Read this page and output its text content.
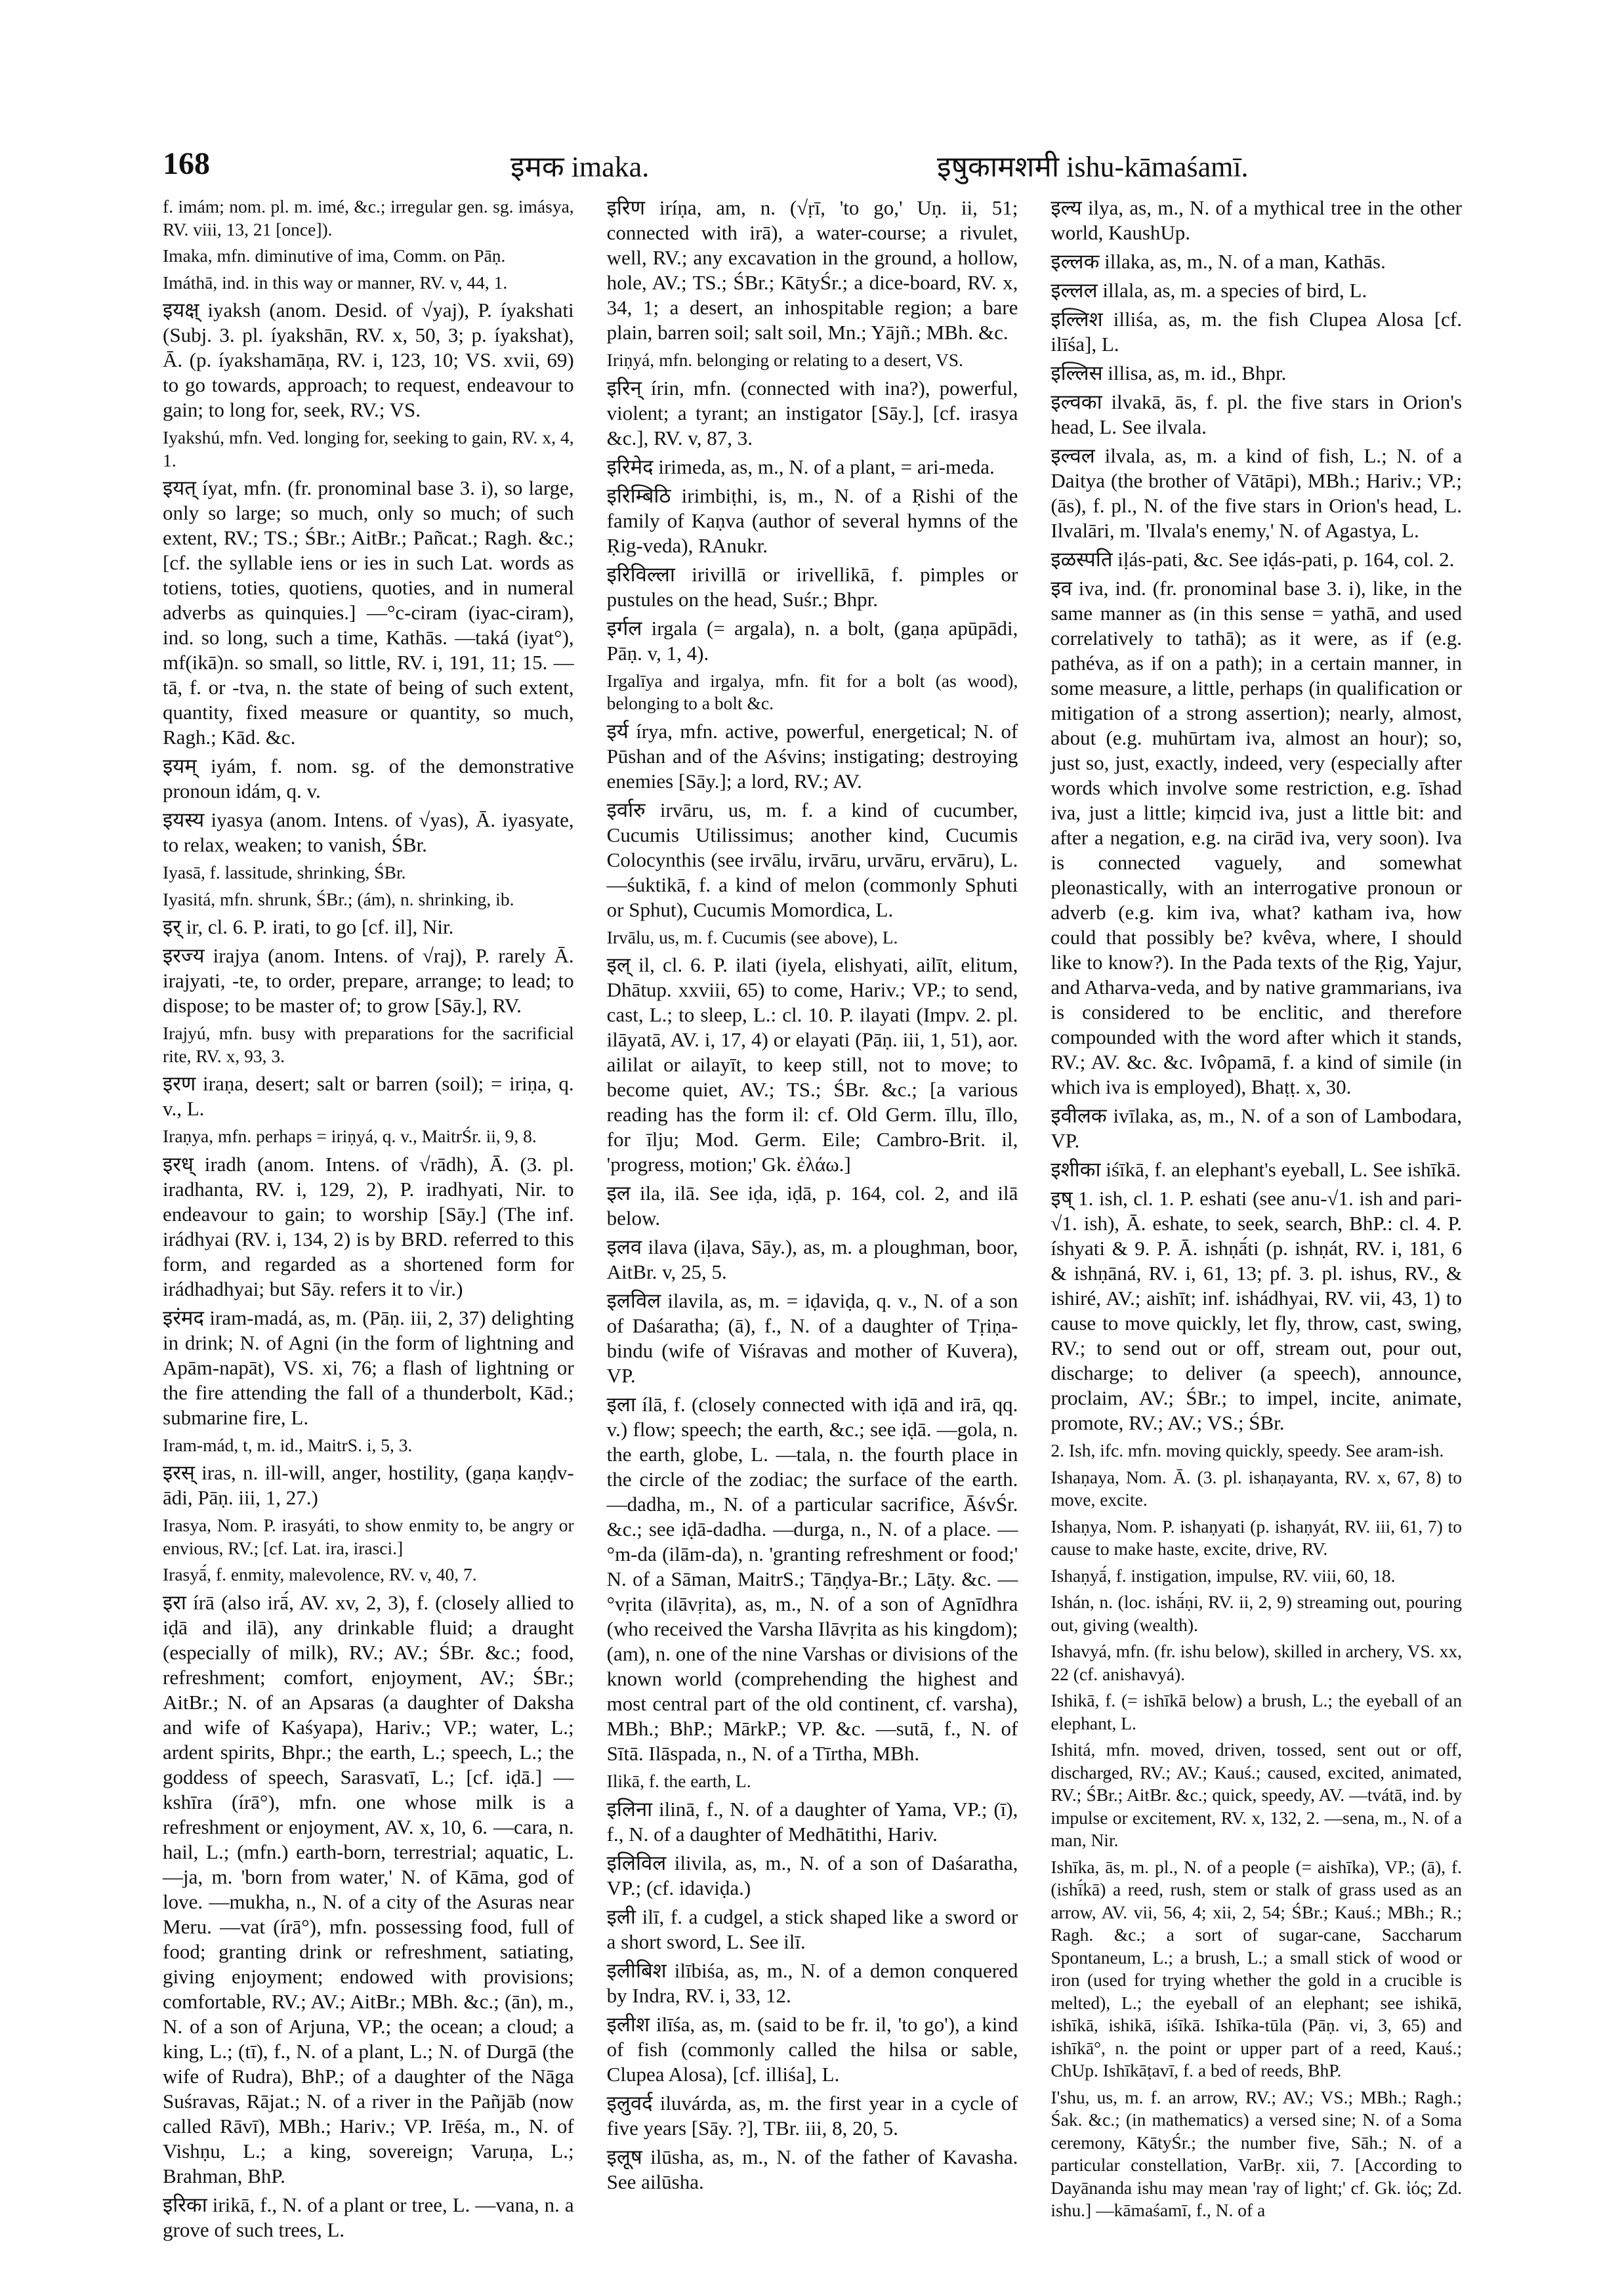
168	इमक imaka.	इषुकामशमी ishu-kāmaśamī.

f. imám; nom. pl. m. imé, &c.; irregular gen. sg. imásya, RV. viii, 13, 21 [once]).

Imaka, mfn. diminutive of ima, Comm. on Pāṇ.

Imáthā, ind. in this way or manner, RV. v, 44, 1.

इयक्ष् iyaksh (anom. Desid. of √yaj), P. íyakshati (Subj. 3. pl. íyakshān, RV. x, 50, 3; p. íyakshat), Ā. (p. íyakshamāṇa, RV. i, 123, 10; VS. xvii, 69) to go towards, approach; to request, endeavour to gain; to long for, seek, RV.; VS.

Iyakshú, mfn. Ved. longing for, seeking to gain, RV. x, 4, 1.

इयत् íyat, mfn. (fr. pronominal base 3. i), so large, only so large; so much, only so much; of such extent, RV.; TS.; ŚBr.; AitBr.; Pañcat.; Ragh. &c.; [cf. the syllable iens or ies in such Lat. words as totiens, toties, quotiens, quoties, and in numeral adverbs as quinquies.] —°c-ciram (iyac-ciram), ind. so long, such a time, Kathās. —taká (iyat°), mf(ikā)n. so small, so little, RV. i, 191, 11; 15. —tā, f. or -tva, n. the state of being of such extent, quantity, fixed measure or quantity, so much, Ragh.; Kād. &c.

इयम् iyám, f. nom. sg. of the demonstrative pronoun idám, q. v.

इयस्य iyasya (anom. Intens. of √yas), Ā. iyasyate, to relax, weaken; to vanish, ŚBr.

Iyasā, f. lassitude, shrinking, ŚBr.

Iyasitá, mfn. shrunk, ŚBr.; (ám), n. shrinking, ib.

इर् ir, cl. 6. P. irati, to go [cf. il], Nir.

इरज्य irajya (anom. Intens. of √raj), P. rarely Ā. irajyati, -te, to order, prepare, arrange; to lead; to dispose; to be master of; to grow [Sāy.], RV.

Irajyú, mfn. busy with preparations for the sacrificial rite, RV. x, 93, 3.

इरण iraṇa, desert; salt or barren (soil); = iriṇa, q. v., L.

Iraṇya, mfn. perhaps = iriṇyá, q. v., MaitrŚr. ii, 9, 8.

इरध् iradh (anom. Intens. of √rādh), Ā. (3. pl. iradhanta, RV. i, 129, 2), P. iradhyati, Nir. to endeavour to gain; to worship [Sāy.] (The inf. irádhyai (RV. i, 134, 2) is by BRD. referred to this form, and regarded as a shortened form for irádhadhyai; but Sāy. refers it to √ir.)

इरंमद iram-madá, as, m. (Pāṇ. iii, 2, 37) delighting in drink; N. of Agni (in the form of lightning and Apām-napāt), VS. xi, 76; a flash of lightning or the fire attending the fall of a thunderbolt, Kād.; submarine fire, L.

Iram-mád, t, m. id., MaitrS. i, 5, 3.

इरस् iras, n. ill-will, anger, hostility, (gaṇa kaṇḍv-ādi, Pāṇ. iii, 1, 27.)

Irasya, Nom. P. irasyáti, to show enmity to, be angry or envious, RV.; [cf. Lat. ira, irasci.]

Irasyā́, f. enmity, malevolence, RV. v, 40, 7.

इरा írā (also irā́, AV. xv, 2, 3), f. (closely allied to iḍā and ilā), any drinkable fluid; a draught (especially of milk), RV.; AV.; ŚBr. &c.; food, refreshment; comfort, enjoyment, AV.; ŚBr.; AitBr.; N. of an Apsaras (a daughter of Daksha and wife of Kaśyapa), Hariv.; VP.; water, L.; ardent spirits, Bhpr.; the earth, L.; speech, L.; the goddess of speech, Sarasvatī, L.; [cf. iḍā.] —kshīra (írā°), mfn. one whose milk is a refreshment or enjoyment, AV. x, 10, 6. —cara, n. hail, L.; (mfn.) earth-born, terrestrial; aquatic, L. —ja, m. 'born from water,' N. of Kāma, god of love. —mukha, n., N. of a city of the Asuras near Meru. —vat (írā°), mfn. possessing food, full of food; granting drink or refreshment, satiating, giving enjoyment; endowed with provisions; comfortable, RV.; AV.; AitBr.; MBh. &c.; (ān), m., N. of a son of Arjuna, VP.; the ocean; a cloud; a king, L.; (tī), f., N. of a plant, L.; N. of Durgā (the wife of Rudra), BhP.; of a daughter of the Nāga Suśravas, Rājat.; N. of a river in the Pañjāb (now called Rāvī), MBh.; Hariv.; VP. Irēśa, m., N. of Vishṇu, L.; a king, sovereign; Varuṇa, L.; Brahman, BhP.

इरिका irikā, f., N. of a plant or tree, L. —vana, n. a grove of such trees, L.

इरिण iríṇa, am, n. (√ṛī, 'to go,' Uṇ. ii, 51; connected with irā), a water-course; a rivulet, well, RV.; any excavation in the ground, a hollow, hole, AV.; TS.; ŚBr.; KātyŚr.; a dice-board, RV. x, 34, 1; a desert, an inhospitable region; a bare plain, barren soil; salt soil, Mn.; Yājñ.; MBh. &c.

Iriṇyá, mfn. belonging or relating to a desert, VS.

इरिन् írin, mfn. (connected with ina?), powerful, violent; a tyrant; an instigator [Sāy.], [cf. irasya &c.], RV. v, 87, 3.

इरिमेद irimeda, as, m., N. of a plant, = ari-meda.

इरिम्बिठि irimbiṭhi, is, m., N. of a Ṛishi of the family of Kaṇva (author of several hymns of the Ṛig-veda), RAnukr.

इरिविल्ला irivillā or irivellikā, f. pimples or pustules on the head, Suśr.; Bhpr.

इर्गल irgala (= argala), n. a bolt, (gaṇa apūpādi, Pāṇ. v, 1, 4).

Irgalīya and irgalya, mfn. fit for a bolt (as wood), belonging to a bolt &c.

इर्य írya, mfn. active, powerful, energetical; N. of Pūshan and of the Aśvins; instigating; destroying enemies [Sāy.]; a lord, RV.; AV.

इर्वारु irvāru, us, m. f. a kind of cucumber, Cucumis Utilissimus; another kind, Cucumis Colocynthis (see irvālu, irvāru, urvāru, ervāru), L. —śuktikā, f. a kind of melon (commonly Sphuti or Sphut), Cucumis Momordica, L.

Irvālu, us, m. f. Cucumis (see above), L.

इल् il, cl. 6. P. ilati (iyela, elishyati, ailīt, elitum, Dhātup. xxviii, 65) to come, Hariv.; VP.; to send, cast, L.; to sleep, L.: cl. 10. P. ilayati (Impv. 2. pl. ilāyatā, AV. i, 17, 4) or elayati (Pāṇ. iii, 1, 51), aor. aililat or ailayīt, to keep still, not to move; to become quiet, AV.; TS.; ŚBr. &c.; [a various reading has the form il: cf. Old Germ. īllu, īllo, for īlju; Mod. Germ. Eile; Cambro-Brit. il, 'progress, motion;' Gk. ἐλάω.]

इल ila, ilā. See iḍa, iḍā, p. 164, col. 2, and ilā below.

इलव ilava (iḷava, Sāy.), as, m. a ploughman, boor, AitBr. v, 25, 5.

इलविल ilavila, as, m. = iḍaviḍa, q. v., N. of a son of Daśaratha; (ā), f., N. of a daughter of Tṛiṇa-bindu (wife of Viśravas and mother of Kuvera), VP.

इला ílā, f. (closely connected with iḍā and irā, qq. v.) flow; speech; the earth, &c.; see iḍā. —gola, n. the earth, globe, L. —tala, n. the fourth place in the circle of the zodiac; the surface of the earth. —dadha, m., N. of a particular sacrifice, ĀśvŚr. &c.; see iḍā-dadha. —durga, n., N. of a place. —°m-da (ilām-da), n. 'granting refreshment or food;' N. of a Sāman, MaitrS.; Tāṇḍya-Br.; Lāṭy. &c. —°vṛita (ilāvṛita), as, m., N. of a son of Agnīdhra (who received the Varsha Ilāvṛita as his kingdom); (am), n. one of the nine Varshas or divisions of the known world (comprehending the highest and most central part of the old continent, cf. varsha), MBh.; BhP.; MārkP.; VP. &c. —sutā, f., N. of Sītā. Ilāspada, n., N. of a Tīrtha, MBh.

Ilikā, f. the earth, L.

इलिना ilinā, f., N. of a daughter of Yama, VP.; (ī), f., N. of a daughter of Medhātithi, Hariv.

इलिविल ilivila, as, m., N. of a son of Daśaratha, VP.; (cf. idaviḍa.)

इली ilī, f. a cudgel, a stick shaped like a sword or a short sword, L. See ilī.

इलीबिश ilībiśa, as, m., N. of a demon conquered by Indra, RV. i, 33, 12.

इलीश ilīśa, as, m. (said to be fr. il, 'to go'), a kind of fish (commonly called the hilsa or sable, Clupea Alosa), [cf. illiśa], L.

इलुवर्द iluvárda, as, m. the first year in a cycle of five years [Sāy. ?], TBr. iii, 8, 20, 5.

इलूष ilūsha, as, m., N. of the father of Kavasha. See ailūsha.

इल्य ilya, as, m., N. of a mythical tree in the other world, KaushUp.

इल्लक illaka, as, m., N. of a man, Kathās.

इल्लल illala, as, m. a species of bird, L.

इल्लिश illiśa, as, m. the fish Clupea Alosa [cf. ilīśa], L.

इल्लिस illisa, as, m. id., Bhpr.

इल्वका ilvakā, ās, f. pl. the five stars in Orion's head, L. See ilvala.

इल्वल ilvala, as, m. a kind of fish, L.; N. of a Daitya (the brother of Vātāpi), MBh.; Hariv.; VP.; (ās), f. pl., N. of the five stars in Orion's head, L. Ilvalāri, m. 'Ilvala's enemy,' N. of Agastya, L.

इळस्पति iḷás-pati, &c. See iḍás-pati, p. 164, col. 2.

इव iva, ind. (fr. pronominal base 3. i), like, in the same manner as (in this sense = yathā, and used correlatively to tathā); as it were, as if (e.g. pathéva, as if on a path); in a certain manner, in some measure, a little, perhaps (in qualification or mitigation of a strong assertion); nearly, almost, about (e.g. muhūrtam iva, almost an hour); so, just so, just, exactly, indeed, very (especially after words which involve some restriction, e.g. īshad iva, just a little; kiṃcid iva, just a little bit: and after a negation, e.g. na cirād iva, very soon). Iva is connected vaguely, and somewhat pleonastically, with an interrogative pronoun or adverb (e.g. kim iva, what? katham iva, how could that possibly be? kvêva, where, I should like to know?). In the Pada texts of the Ṛig, Yajur, and Atharva-veda, and by native grammarians, iva is considered to be enclitic, and therefore compounded with the word after which it stands, RV.; AV. &c. &c. Ivôpamā, f. a kind of simile (in which iva is employed), Bhaṭṭ. x, 30.

इवीलक ivīlaka, as, m., N. of a son of Lambodara, VP.

इशीका iśīkā, f. an elephant's eyeball, L. See ishīkā.

इष् 1. ish, cl. 1. P. eshati (see anu-√1. ish and pari-√1. ish), Ā. eshate, to seek, search, BhP.: cl. 4. P. íshyati & 9. P. Ā. ishṇā́ti (p. ishṇát, RV. i, 181, 6 & ishṇāná, RV. i, 61, 13; pf. 3. pl. ishus, RV., & ishiré, AV.; aishīt; inf. ishádhyai, RV. vii, 43, 1) to cause to move quickly, let fly, throw, cast, swing, RV.; to send out or off, stream out, pour out, discharge; to deliver (a speech), announce, proclaim, AV.; ŚBr.; to impel, incite, animate, promote, RV.; AV.; VS.; ŚBr.

2. Ish, ifc. mfn. moving quickly, speedy. See aram-ish.

Ishaṇaya, Nom. Ā. (3. pl. ishaṇayanta, RV. x, 67, 8) to move, excite.

Ishaṇya, Nom. P. ishaṇyati (p. ishaṇyát, RV. iii, 61, 7) to cause to make haste, excite, drive, RV.

Ishaṇyā́, f. instigation, impulse, RV. viii, 60, 18.

Ishán, n. (loc. ishā́ṇi, RV. ii, 2, 9) streaming out, pouring out, giving (wealth).

Ishavyá, mfn. (fr. ishu below), skilled in archery, VS. xx, 22 (cf. anishavyá).

Ishikā, f. (= ishīkā below) a brush, L.; the eyeball of an elephant, L.

Ishitá, mfn. moved, driven, tossed, sent out or off, discharged, RV.; AV.; Kauś.; caused, excited, animated, RV.; ŚBr.; AitBr. &c.; quick, speedy, AV. —tvátā, ind. by impulse or excitement, RV. x, 132, 2. —sena, m., N. of a man, Nir.

Ishīka, ās, m. pl., N. of a people (= aishīka), VP.; (ā), f. (ishī́kā) a reed, rush, stem or stalk of grass used as an arrow, AV. vii, 56, 4; xii, 2, 54; ŚBr.; Kauś.; MBh.; R.; Ragh. &c.; a sort of sugar-cane, Saccharum Spontaneum, L.; a brush, L.; a small stick of wood or iron (used for trying whether the gold in a crucible is melted), L.; the eyeball of an elephant; see ishikā, ishīkā, ishikā, iśīkā. Ishīka-tūla (Pāṇ. vi, 3, 65) and ishīkā°, n. the point or upper part of a reed, Kauś.; ChUp. Ishīkāṭavī, f. a bed of reeds, BhP.

I'shu, us, m. f. an arrow, RV.; AV.; VS.; MBh.; Ragh.; Śak. &c.; (in mathematics) a versed sine; N. of a Soma ceremony, KātyŚr.; the number five, Sāh.; N. of a particular constellation, VarBṛ. xii, 7. [According to Dayānanda ishu may mean 'ray of light;' cf. Gk. ἰός; Zd. ishu.] —kāmaśamī, f., N. of a
